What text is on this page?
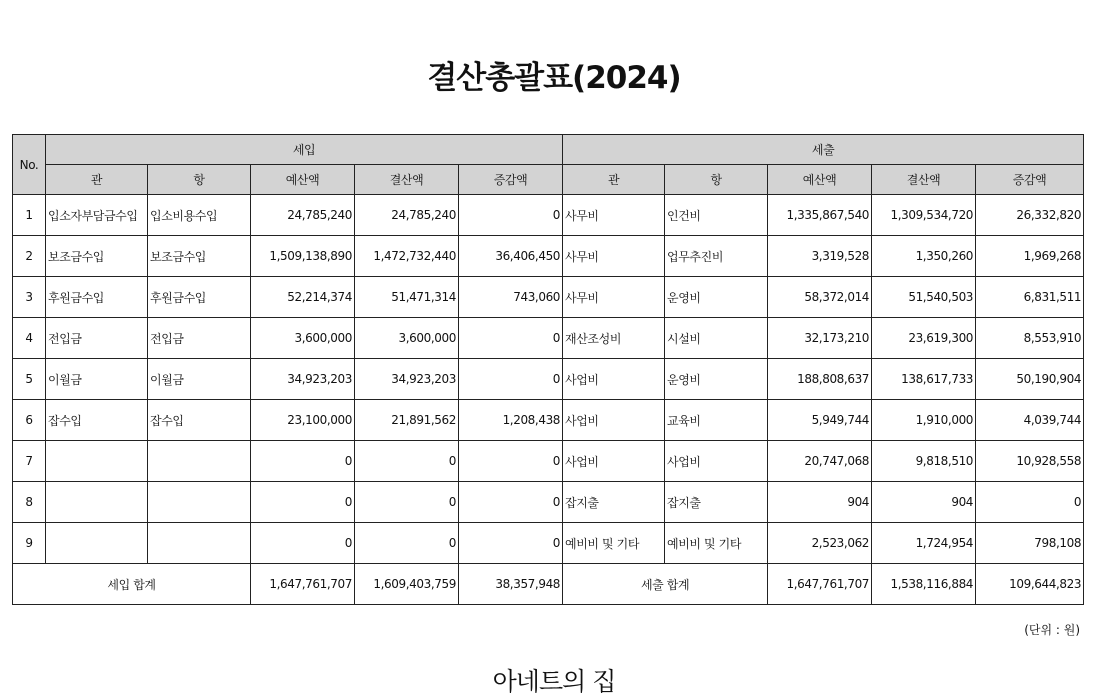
결산총괄표(2024)
No.	세입					세출				
	관	항	예산액	결산액	증감액	관	항	예산액	결산액	증감액
1	입소자부담금수입	입소비용수입	24,785,240	24,785,240	0	사무비	인건비	1,335,867,540	1,309,534,720	26,332,820
2	보조금수입	보조금수입	1,509,138,890	1,472,732,440	36,406,450	사무비	업무추진비	3,319,528	1,350,260	1,969,268
3	후원금수입	후원금수입	52,214,374	51,471,314	743,060	사무비	운영비	58,372,014	51,540,503	6,831,511
4	전입금	전입금	3,600,000	3,600,000	0	재산조성비	시설비	32,173,210	23,619,300	8,553,910
5	이월금	이월금	34,923,203	34,923,203	0	사업비	운영비	188,808,637	138,617,733	50,190,904
6	잡수입	잡수입	23,100,000	21,891,562	1,208,438	사업비	교육비	5,949,744	1,910,000	4,039,744
7			0	0	0	사업비	사업비	20,747,068	9,818,510	10,928,558
8			0	0	0	잡지출	잡지출	904	904	0
9			0	0	0	예비비 및 기타	예비비 및 기타	2,523,062	1,724,954	798,108
세입 합계			1,647,761,707	1,609,403,759	38,357,948	세출 합계		1,647,761,707	1,538,116,884	109,644,823
(단위 : 원)
아네트의 집
